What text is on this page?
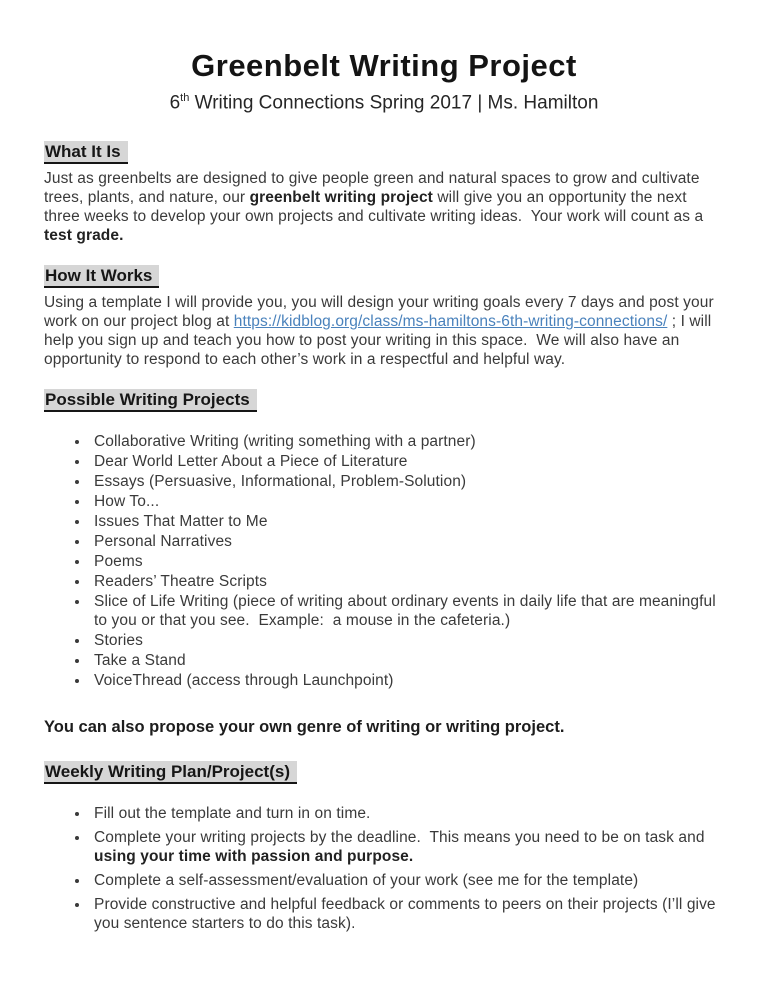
Greenbelt Writing Project

6th Writing Connections Spring 2017 | Ms. Hamilton

What It Is

Just as greenbelts are designed to give people green and natural spaces to grow and cultivate trees, plants, and nature, our greenbelt writing project will give you an opportunity the next three weeks to develop your own projects and cultivate writing ideas.  Your work will count as a test grade.

How It Works

Using a template I will provide you, you will design your writing goals every 7 days and post your work on our project blog at https://kidblog.org/class/ms-hamiltons-6th-writing-connections/ ; I will help you sign up and teach you how to post your writing in this space.  We will also have an opportunity to respond to each other’s work in a respectful and helpful way.

Possible Writing Projects
• Collaborative Writing (writing something with a partner)
• Dear World Letter About a Piece of Literature
• Essays (Persuasive, Informational, Problem-Solution)
• How To...
• Issues That Matter to Me
• Personal Narratives
• Poems
• Readers’ Theatre Scripts
• Slice of Life Writing (piece of writing about ordinary events in daily life that are meaningful to you or that you see.  Example:  a mouse in the cafeteria.)
• Stories
• Take a Stand
• VoiceThread (access through Launchpoint)

You can also propose your own genre of writing or writing project.

Weekly Writing Plan/Project(s)
• Fill out the template and turn in on time.
• Complete your writing projects by the deadline.  This means you need to be on task and using your time with passion and purpose.
• Complete a self-assessment/evaluation of your work (see me for the template)
• Provide constructive and helpful feedback or comments to peers on their projects (I’ll give you sentence starters to do this task).
